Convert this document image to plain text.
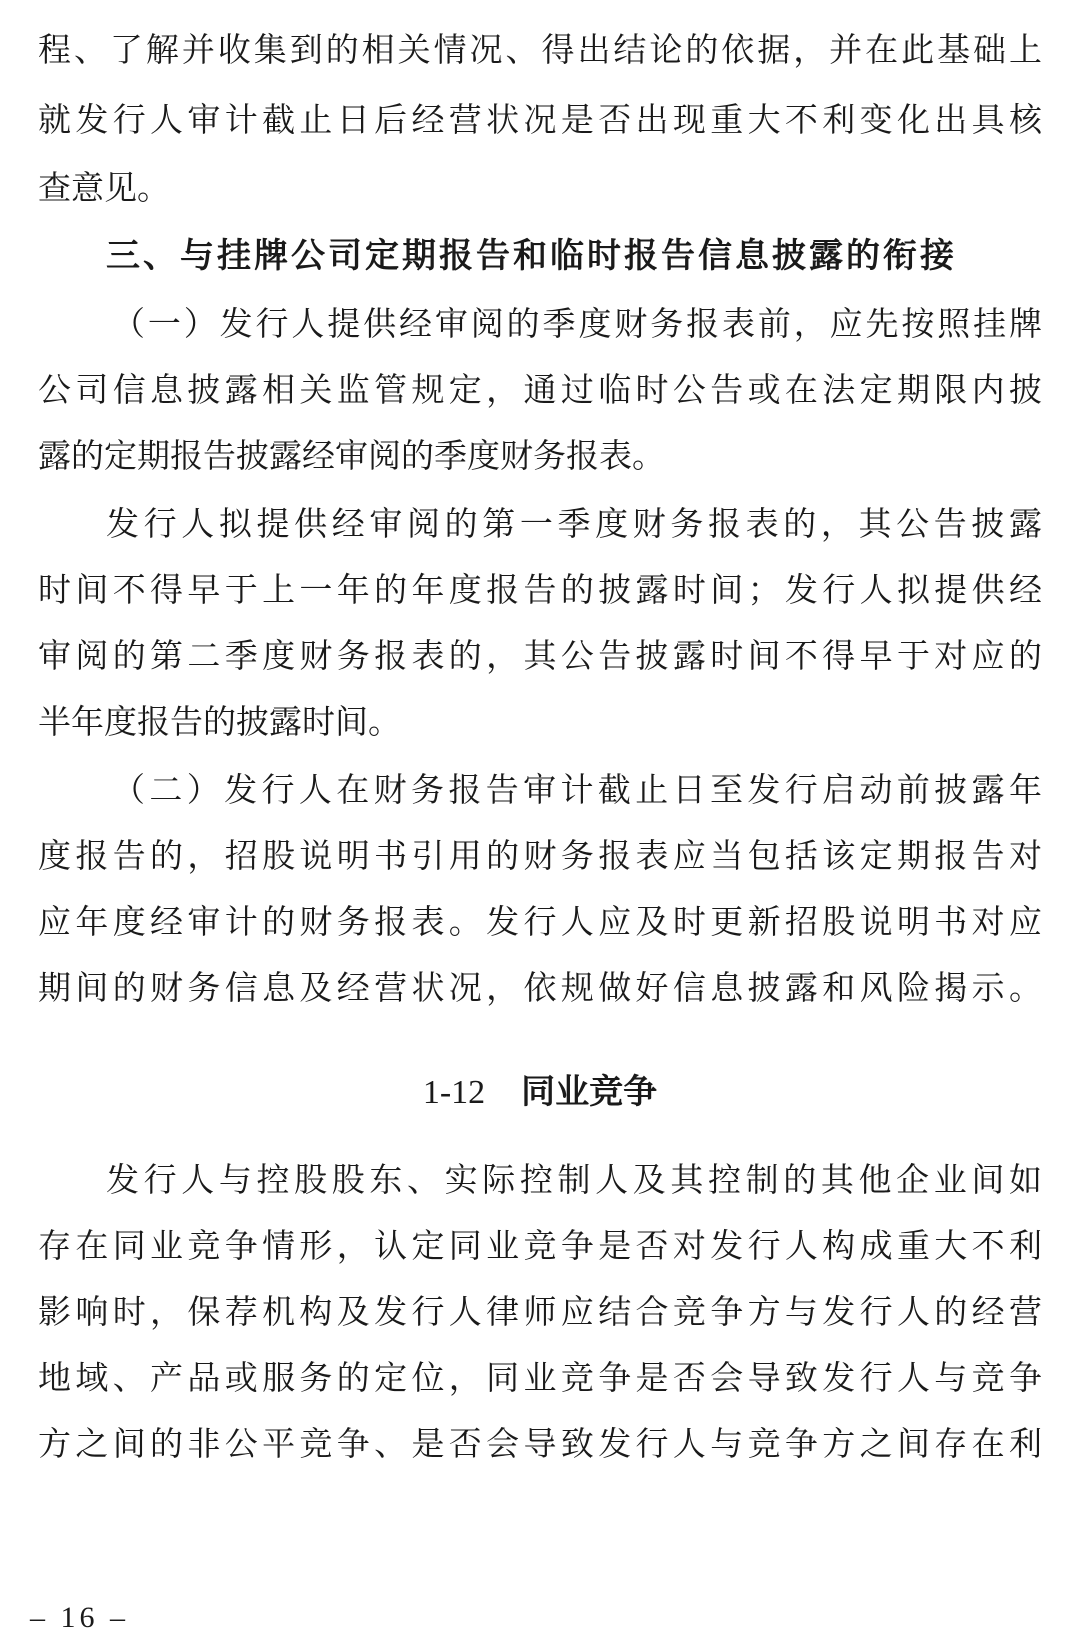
程、了解并收集到的相关情况、得出结论的依据，并在此基础上
就发行人审计截止日后经营状况是否出现重大不利变化出具核
查意见。
三、与挂牌公司定期报告和临时报告信息披露的衔接
（一）发行人提供经审阅的季度财务报表前，应先按照挂牌
公司信息披露相关监管规定，通过临时公告或在法定期限内披
露的定期报告披露经审阅的季度财务报表。
发行人拟提供经审阅的第一季度财务报表的，其公告披露
时间不得早于上一年的年度报告的披露时间；发行人拟提供经
审阅的第二季度财务报表的，其公告披露时间不得早于对应的
半年度报告的披露时间。
（二）发行人在财务报告审计截止日至发行启动前披露年
度报告的，招股说明书引用的财务报表应当包括该定期报告对
应年度经审计的财务报表。发行人应及时更新招股说明书对应
期间的财务信息及经营状况，依规做好信息披露和风险揭示。
1-12 同业竞争
发行人与控股股东、实际控制人及其控制的其他企业间如
存在同业竞争情形，认定同业竞争是否对发行人构成重大不利
影响时，保荐机构及发行人律师应结合竞争方与发行人的经营
地域、产品或服务的定位，同业竞争是否会导致发行人与竞争
方之间的非公平竞争、是否会导致发行人与竞争方之间存在利
– 16 –
